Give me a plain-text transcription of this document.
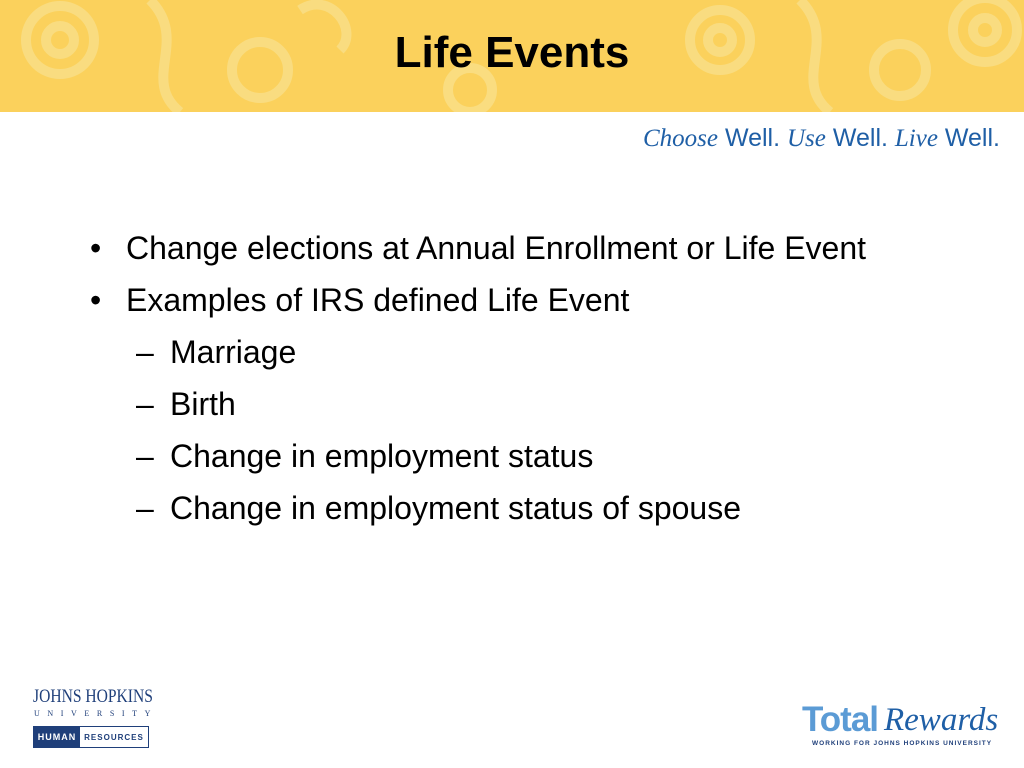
Life Events
Choose Well. Use Well. Live Well.
• Change elections at Annual Enrollment or Life Event
• Examples of IRS defined Life Event
– Marriage
– Birth
– Change in employment status
– Change in employment status of spouse
JOHNS HOPKINS
UNIVERSITY
HUMAN RESOURCES	Total Rewards
WORKING FOR JOHNS HOPKINS UNIVERSITY
